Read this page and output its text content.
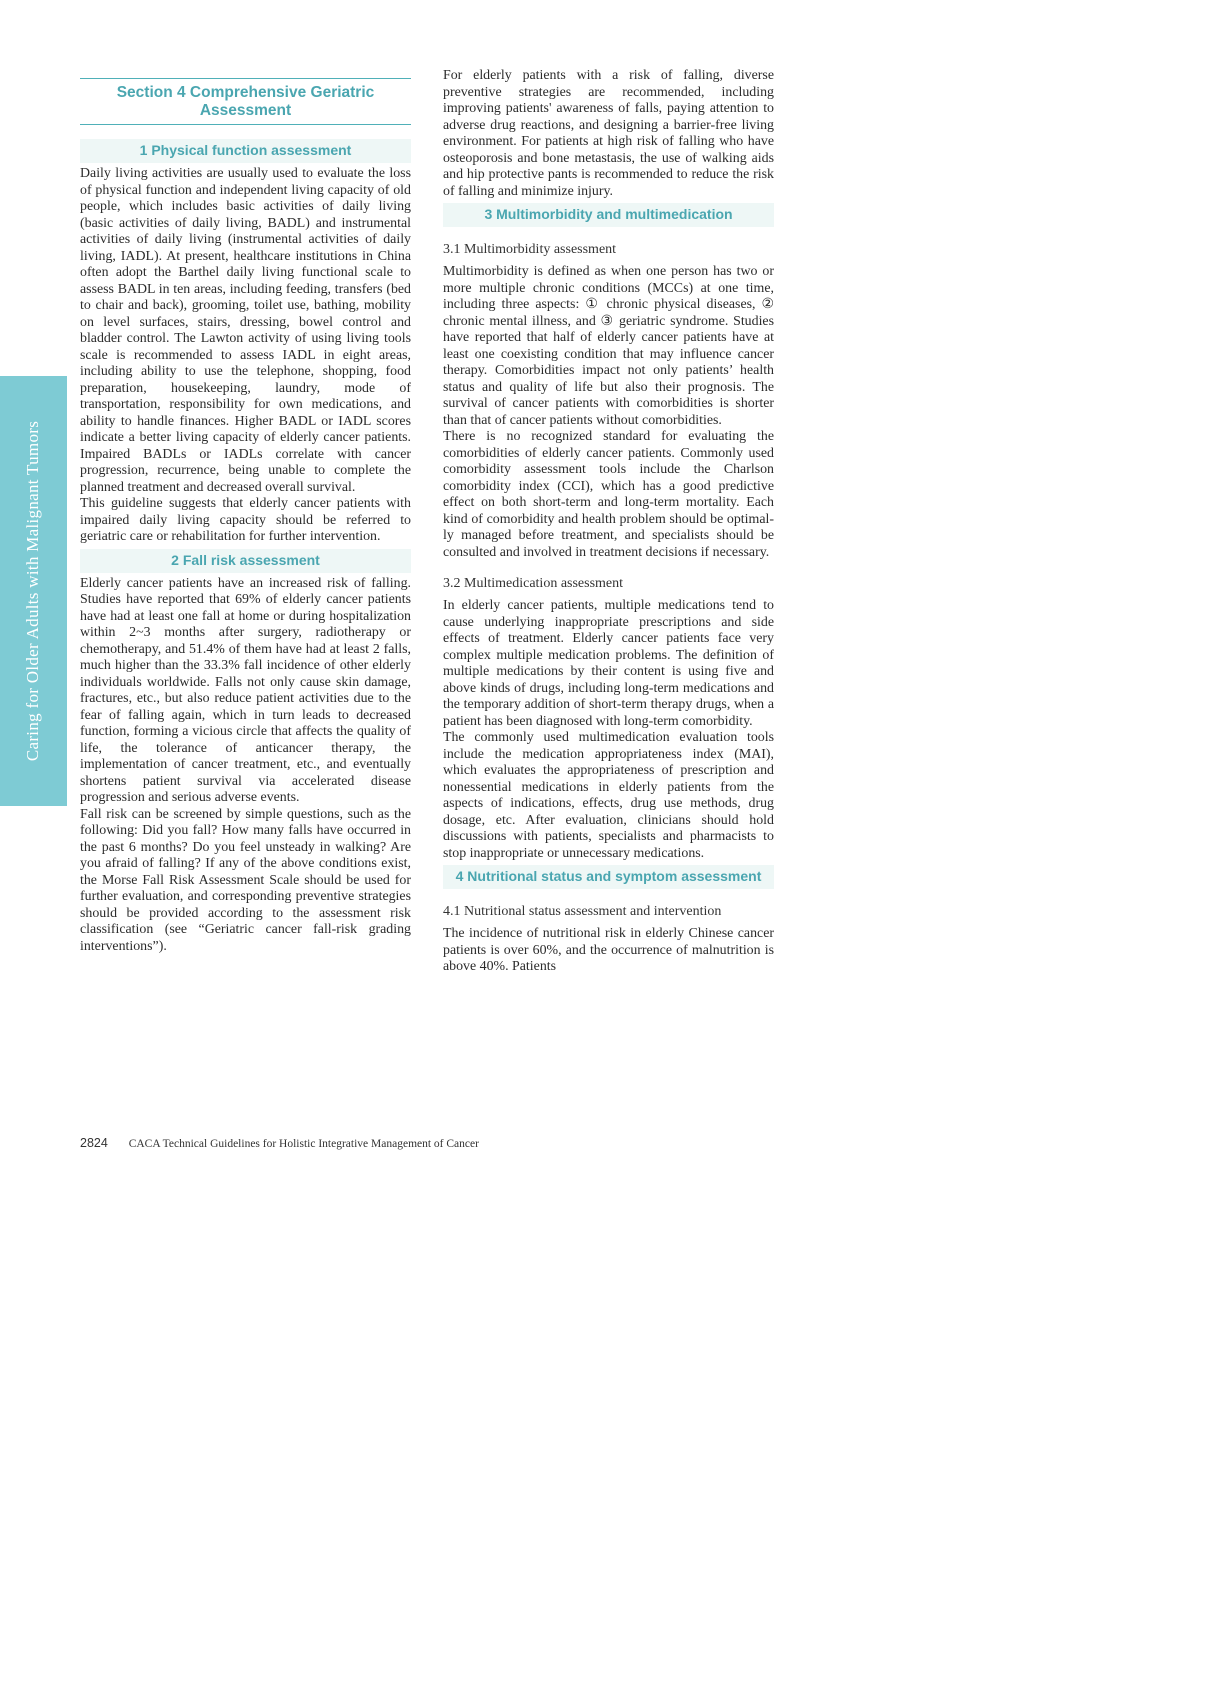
Caring for Older Adults with Malignant Tumors
Section 4 Comprehensive Geriatric Assessment
1 Physical function assessment

Daily living activities are usually used to evaluate the loss of physical function and independent living capacity of old people, which includes basic activities of daily living (basic activities of daily living, BADL) and instrumental activities of daily living (instrumental activities of daily living, IADL). At present, healthcare institutions in China often adopt the Barthel daily living functional scale to assess BADL in ten areas, including feeding, transfers (bed to chair and back), grooming, toilet use, bathing, mobility on level surfaces, stairs, dressing, bowel control and bladder control. The Lawton activity of using living tools scale is recommended to assess IADL in eight areas, including ability to use the telephone, shopping, food preparation, housekeeping, laundry, mode of transportation, responsibility for own medications, and ability to handle finances. Higher BADL or IADL scores indicate a better living capacity of elderly cancer patients. Impaired BADLs or IADLs correlate with cancer progression, recurrence, being unable to complete the planned treatment and decreased overall survival.

This guideline suggests that elderly cancer patients with impaired daily living capacity should be referred to geriatric care or rehabilitation for further intervention.

2 Fall risk assessment

Elderly cancer patients have an increased risk of falling. Studies have reported that 69% of elderly cancer patients have had at least one fall at home or during hospitalization within 2~3 months after surgery, radiotherapy or chemotherapy, and 51.4% of them have had at least 2 falls, much higher than the 33.3% fall incidence of other elderly individuals worldwide. Falls not only cause skin damage, fractures, etc., but also reduce patient activities due to the fear of falling again, which in turn leads to decreased function, forming a vicious circle that affects the quality of life, the tolerance of anticancer therapy, the implementation of cancer treatment, etc., and eventually shortens patient survival via accelerated disease progression and serious adverse events.

Fall risk can be screened by simple questions, such as the following: Did you fall? How many falls have occurred in the past 6 months? Do you feel unsteady in walking? Are you afraid of falling? If any of the above conditions exist, the Morse Fall Risk Assessment Scale should be used for further evaluation, and corresponding preventive strategies should be provided according to the assessment risk classification (see “Geriatric cancer fall-risk grading interventions”).

For elderly patients with a risk of falling, diverse preventive strategies are recommended, including improving patients' awareness of falls, paying attention to adverse drug reactions, and designing a barrier-free living environment. For patients at high risk of falling who have osteoporosis and bone metastasis, the use of walking aids and hip protective pants is recommended to reduce the risk of falling and minimize injury.

3 Multimorbidity and multimedication
3.1 Multimorbidity assessment

Multimorbidity is defined as when one person has two or more multiple chronic conditions (MCCs) at one time, including three aspects: ① chronic physical diseases, ② chronic mental illness, and ③ geriatric syndrome. Studies have reported that half of elderly cancer patients have at least one coexisting condition that may influence cancer therapy. Comorbidities impact not only patients’ health status and quality of life but also their prognosis. The survival of cancer patients with comorbidities is shorter than that of cancer patients without comorbidities.

There is no recognized standard for evaluating the comorbidities of elderly cancer patients. Commonly used comorbidity assessment tools include the Charlson comorbidity index (CCI), which has a good predictive effect on both short-term and long-term mortality. Each kind of comorbidity and health problem should be optimally managed before treatment, and specialists should be consulted and involved in treatment decisions if necessary.

3.2 Multimedication assessment

In elderly cancer patients, multiple medications tend to cause underlying inappropriate prescriptions and side effects of treatment. Elderly cancer patients face very complex multiple medication problems. The definition of multiple medications by their content is using five and above kinds of drugs, including long-term medications and the temporary addition of short-term therapy drugs, when a patient has been diagnosed with long-term comorbidity.

The commonly used multimedication evaluation tools include the medication appropriateness index (MAI), which evaluates the appropriateness of prescription and nonessential medications in elderly patients from the aspects of indications, effects, drug use methods, drug dosage, etc. After evaluation, clinicians should hold discussions with patients, specialists and pharmacists to stop inappropriate or unnecessary medications.

4 Nutritional status and symptom assessment
4.1 Nutritional status assessment and intervention

The incidence of nutritional risk in elderly Chinese cancer patients is over 60%, and the occurrence of malnutrition is above 40%. Patients

2824 CACA Technical Guidelines for Holistic Integrative Management of Cancer
